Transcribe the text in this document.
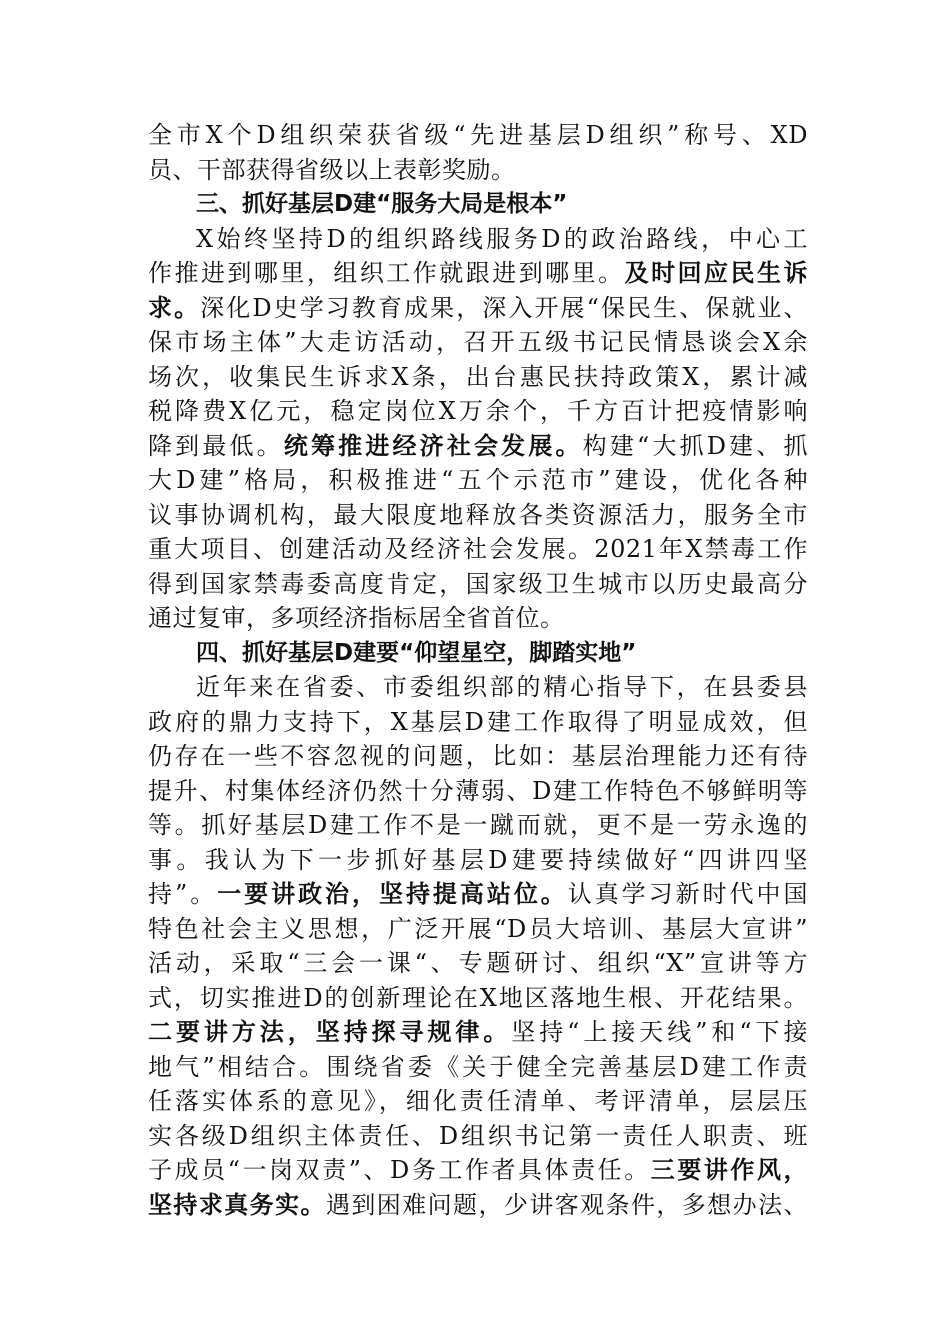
全市X个D组织荣获省级“先进基层D组织”称号、XD
员、干部获得省级以上表彰奖励。
三、抓好基层D建“服务大局是根本”
X始终坚持D的组织路线服务D的政治路线，中心工
作推进到哪里，组织工作就跟进到哪里。及时回应民生诉
求。深化D史学习教育成果，深入开展“保民生、保就业、
保市场主体”大走访活动，召开五级书记民情恳谈会X余
场次，收集民生诉求X条，出台惠民扶持政策X，累计减
税降费X亿元，稳定岗位X万余个，千方百计把疫情影响
降到最低。统筹推进经济社会发展。构建“大抓D建、抓
大D建”格局，积极推进“五个示范市”建设，优化各种
议事协调机构，最大限度地释放各类资源活力，服务全市
重大项目、创建活动及经济社会发展。2021年X禁毒工作
得到国家禁毒委高度肯定，国家级卫生城市以历史最高分
通过复审，多项经济指标居全省首位。
四、抓好基层D建要“仰望星空，脚踏实地”
近年来在省委、市委组织部的精心指导下，在县委县
政府的鼎力支持下，X基层D建工作取得了明显成效，但
仍存在一些不容忽视的问题，比如：基层治理能力还有待
提升、村集体经济仍然十分薄弱、D建工作特色不够鲜明等
等。抓好基层D建工作不是一蹴而就，更不是一劳永逸的
事。我认为下一步抓好基层D建要持续做好“四讲四坚
持”。一要讲政治，坚持提高站位。认真学习新时代中国
特色社会主义思想，广泛开展“D员大培训、基层大宣讲”
活动，采取“三会一课“、专题研讨、组织“X”宣讲等方
式，切实推进D的创新理论在X地区落地生根、开花结果。
二要讲方法，坚持探寻规律。坚持“上接天线”和“下接
地气”相结合。围绕省委《关于健全完善基层D建工作责
任落实体系的意见》，细化责任清单、考评清单，层层压
实各级D组织主体责任、D组织书记第一责任人职责、班
子成员“一岗双责”、D务工作者具体责任。三要讲作风，
坚持求真务实。遇到困难问题，少讲客观条件，多想办法、
